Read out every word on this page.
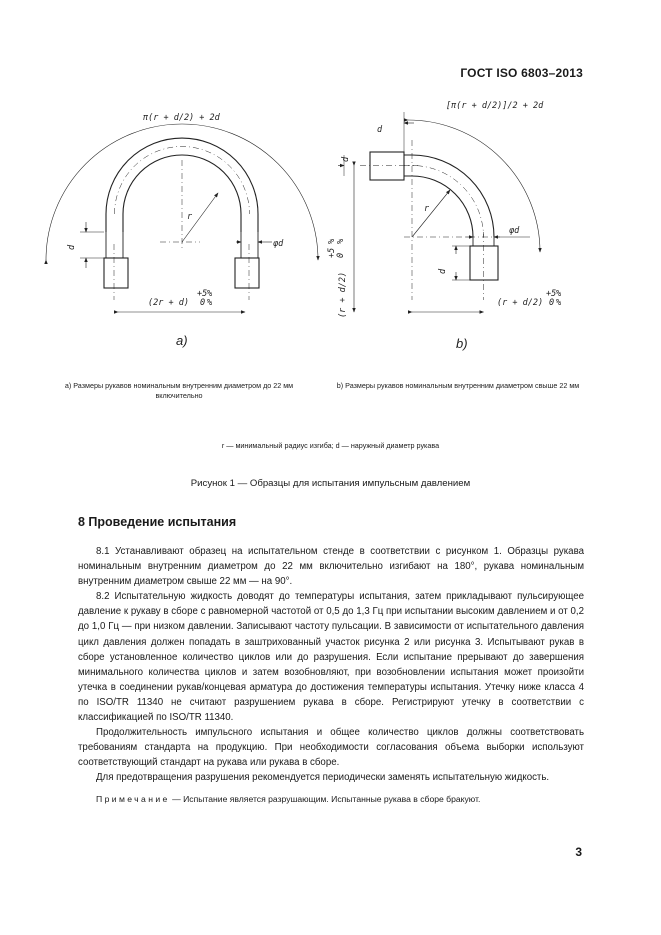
ГОСТ ISO 6803–2013
π(r + d/2) + 2d
r
d	φd
(2r + d)
+5
0
%
%
a)
[π(r + d/2)]/2 + 2d
d
d
r
φd
d
(r + d/2)
+5 0
% %
(r + d/2)
+5
0
%
%
b)
a) Размеры рукавов номинальным внутренним диаметром до 22 мм включительно
b) Размеры рукавов номинальным внутренним диаметром свыше 22 мм
r — минимальный радиус изгиба; d — наружный диаметр рукава
Рисунок 1 — Образцы для испытания импульсным давлением
8 Проведение испытания

8.1 Устанавливают образец на испытательном стенде в соответствии с рисунком 1. Образцы рукава номинальным внутренним диаметром до 22 мм включительно изгибают на 180°, рукава номинальным внутренним диаметром свыше 22 мм — на 90°.

8.2 Испытательную жидкость доводят до температуры испытания, затем прикладывают пульсирующее давление к рукаву в сборе с равномерной частотой от 0,5 до 1,3 Гц при испытании высоким давлением и от 0,2 до 1,0 Гц — при низком давлении. Записывают частоту пульсации. В зависимости от испытательного давления цикл давления должен попадать в заштрихованный участок рисунка 2 или рисунка 3. Испытывают рукав в сборе установленное количество циклов или до разрушения. Если испытание прерывают до завершения минимального количества циклов и затем возобновляют, при возобновлении испытания может произойти утечка в соединении рукав/концевая арматура до достижения температуры испытания. Утечку ниже класса 4 по ISO/TR 11340 не считают разрушением рукава в сборе. Регистрируют утечку в соответствии с классификацией по ISO/TR 11340.

Продолжительность импульсного испытания и общее количество циклов должны соответствовать требованиям стандарта на продукцию. При необходимости согласования объема выборки используют соответствующий стандарт на рукава или рукава в сборе.

Для предотвращения разрушения рекомендуется периодически заменять испытательную жидкость.

Примечание — Испытание является разрушающим. Испытанные рукава в сборе бракуют.

3
